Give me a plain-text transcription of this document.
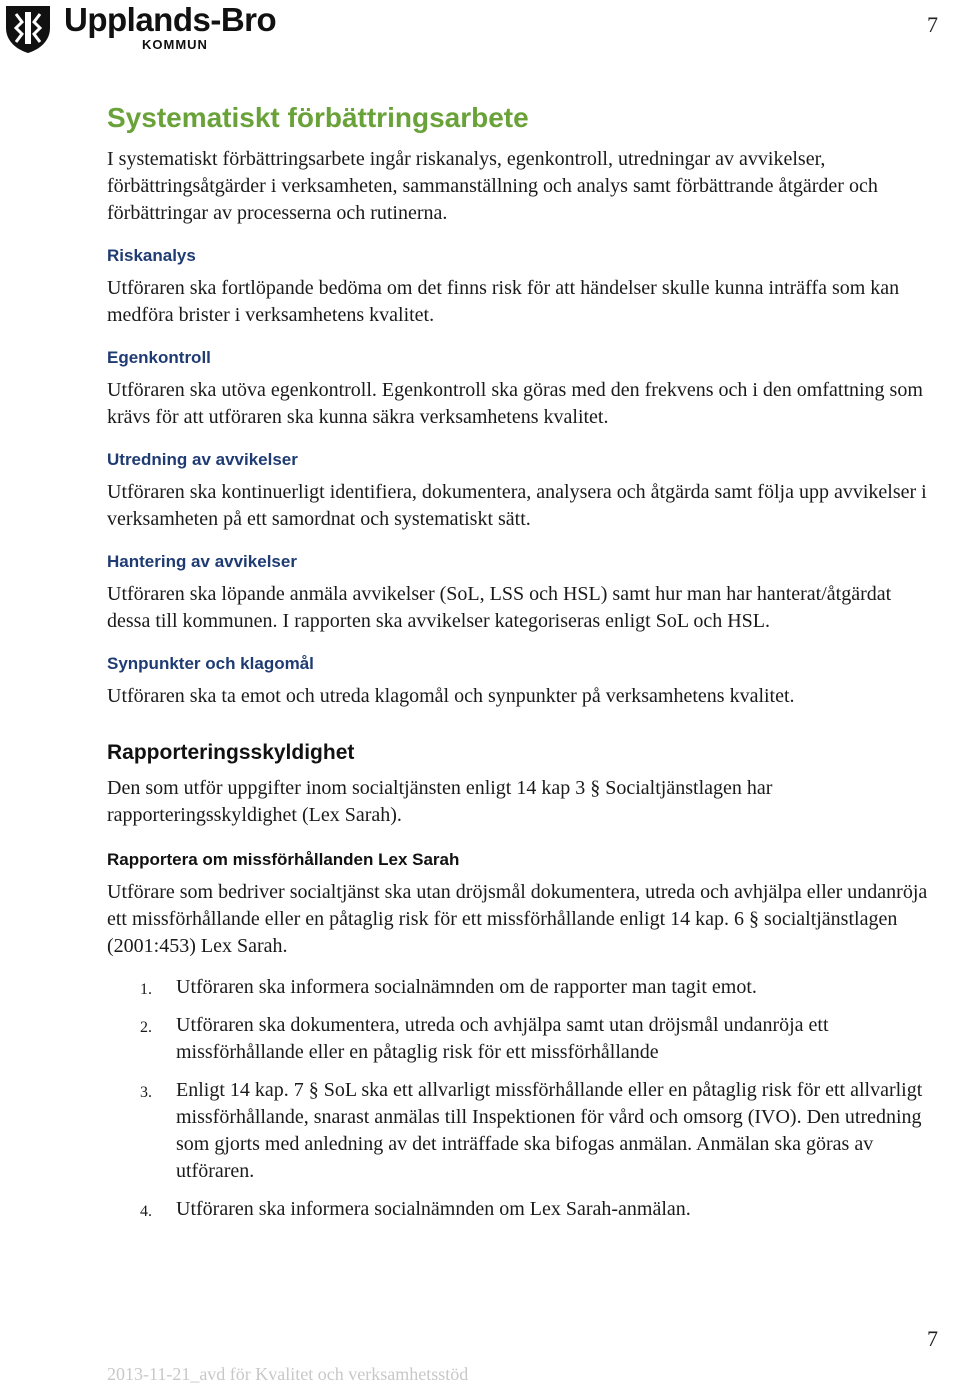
Upplands-Bro
KOMMUN
7
Systematiskt förbättringsarbete

I systematiskt förbättringsarbete ingår riskanalys, egenkontroll, utredningar av avvikelser, förbättringsåtgärder i verksamheten, sammanställning och analys samt förbättrande åtgärder och förbättringar av processerna och rutinerna.

Riskanalys

Utföraren ska fortlöpande bedöma om det finns risk för att händelser skulle kunna inträffa som kan medföra brister i verksamhetens kvalitet.

Egenkontroll

Utföraren ska utöva egenkontroll. Egenkontroll ska göras med den frekvens och i den omfattning som krävs för att utföraren ska kunna säkra verksamhetens kvalitet.

Utredning av avvikelser

Utföraren ska kontinuerligt identifiera, dokumentera, analysera och åtgärda samt följa upp avvikelser i verksamheten på ett samordnat och systematiskt sätt.

Hantering av avvikelser

Utföraren ska löpande anmäla avvikelser (SoL, LSS och HSL) samt hur man har hanterat/åtgärdat dessa till kommunen. I rapporten ska avvikelser kategoriseras enligt SoL och HSL.

Synpunkter och klagomål

Utföraren ska ta emot och utreda klagomål och synpunkter på verksamhetens kvalitet.

Rapporteringsskyldighet

Den som utför uppgifter inom socialtjänsten enligt 14 kap 3 § Socialtjänstlagen har rapporteringsskyldighet (Lex Sarah).

Rapportera om missförhållanden Lex Sarah

Utförare som bedriver socialtjänst ska utan dröjsmål dokumentera, utreda och avhjälpa eller undanröja ett missförhållande eller en påtaglig risk för ett missförhållande enligt 14 kap. 6 § socialtjänstlagen (2001:453) Lex Sarah.

1. Utföraren ska informera socialnämnden om de rapporter man tagit emot.
2. Utföraren ska dokumentera, utreda och avhjälpa samt utan dröjsmål undanröja ett missförhållande eller en påtaglig risk för ett missförhållande
3. Enligt 14 kap. 7 § SoL ska ett allvarligt missförhållande eller en påtaglig risk för ett allvarligt missförhållande, snarast anmälas till Inspektionen för vård och omsorg (IVO). Den utredning som gjorts med anledning av det inträffade ska bifogas anmälan. Anmälan ska göras av utföraren.
4. Utföraren ska informera socialnämnden om Lex Sarah-anmälan.
7
2013-11-21_avd för Kvalitet och verksamhetsstöd
